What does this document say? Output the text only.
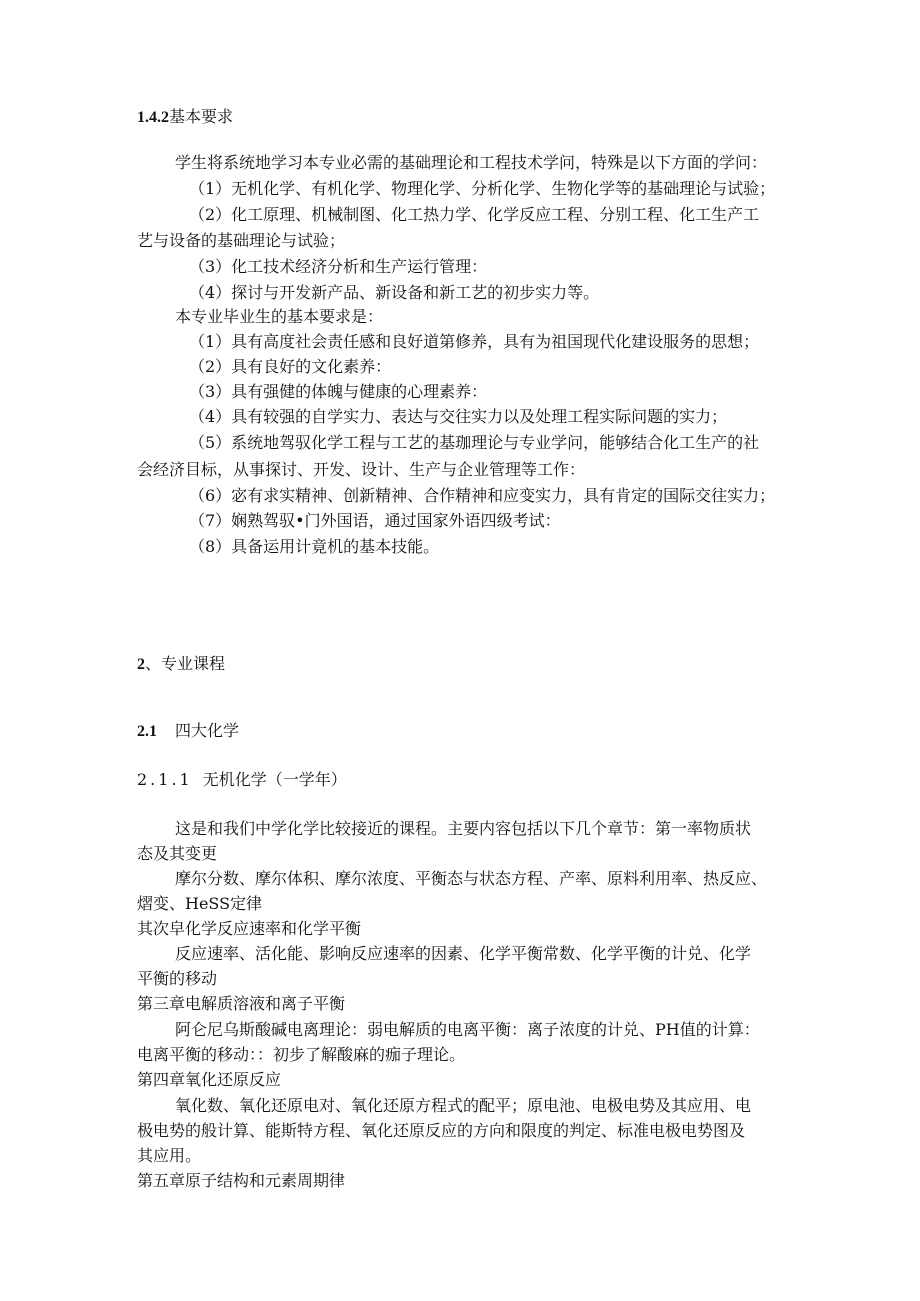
1.4.2基本要求
学生将系统地学习本专业必需的基础理论和工程技术学问，特殊是以下方面的学问：
（1）无机化学、有机化学、物理化学、分析化学、生物化学等的基础理论与试验；
（2）化工原理、机械制图、化工热力学、化学反应工程、分别工程、化工生产工
艺与设备的基础理论与试验；
（3）化工技术经济分析和生产运行管理：
（4）探讨与开发新产品、新设备和新工艺的初步实力等。
本专业毕业生的基本要求是：
（1）具有高度社会责任感和良好道第修养，具有为祖国现代化建设服务的思想；
（2）具有良好的文化素养：
（3）具有强健的体魄与健康的心理素养：
（4）具有较强的自学实力、表达与交往实力以及处理工程实际问题的实力；
（5）系统地驾驭化学工程与工艺的基珈理论与专业学问，能够结合化工生产的社
会经济目标，从事探讨、开发、设计、生产与企业管理等工作：
（6）宓有求实精神、创新精神、合作精神和应变实力，具有肯定的国际交往实力；
（7）娴熟驾驭•门外国语，通过国家外语四级考试：
（8）具备运用计竟机的基本技能。
2、专业课程
2.1 四大化学
2.1.1 无机化学（一学年）
这是和我们中学化学比较接近的课程。主要内容包括以下几个章节：第一率物质状
态及其变更
摩尔分数、摩尔体积、摩尔浓度、平衡态与状态方程、产率、原料利用率、热反应、
熠变、HeSS定律
其次皁化学反应速率和化学平衡
反应速率、活化能、影响反应速率的因素、化学平衡常数、化学平衡的计兑、化学
平衡的移动
第三章电解质溶液和离子平衡
阿仑尼乌斯酸碱电离理论：弱电解质的电离平衡：离子浓度的计兑、PH值的计算：
电离平衡的移动：：初步了解酸麻的痂子理论。
第四章氧化还原反应
氧化数、氧化还原电对、氧化还原方程式的配平；原电池、电极电势及其应用、电
极电势的般计算、能斯特方程、氧化还原反应的方向和限度的判定、标准电极电势图及
其应用。
第五章原子结构和元素周期律
